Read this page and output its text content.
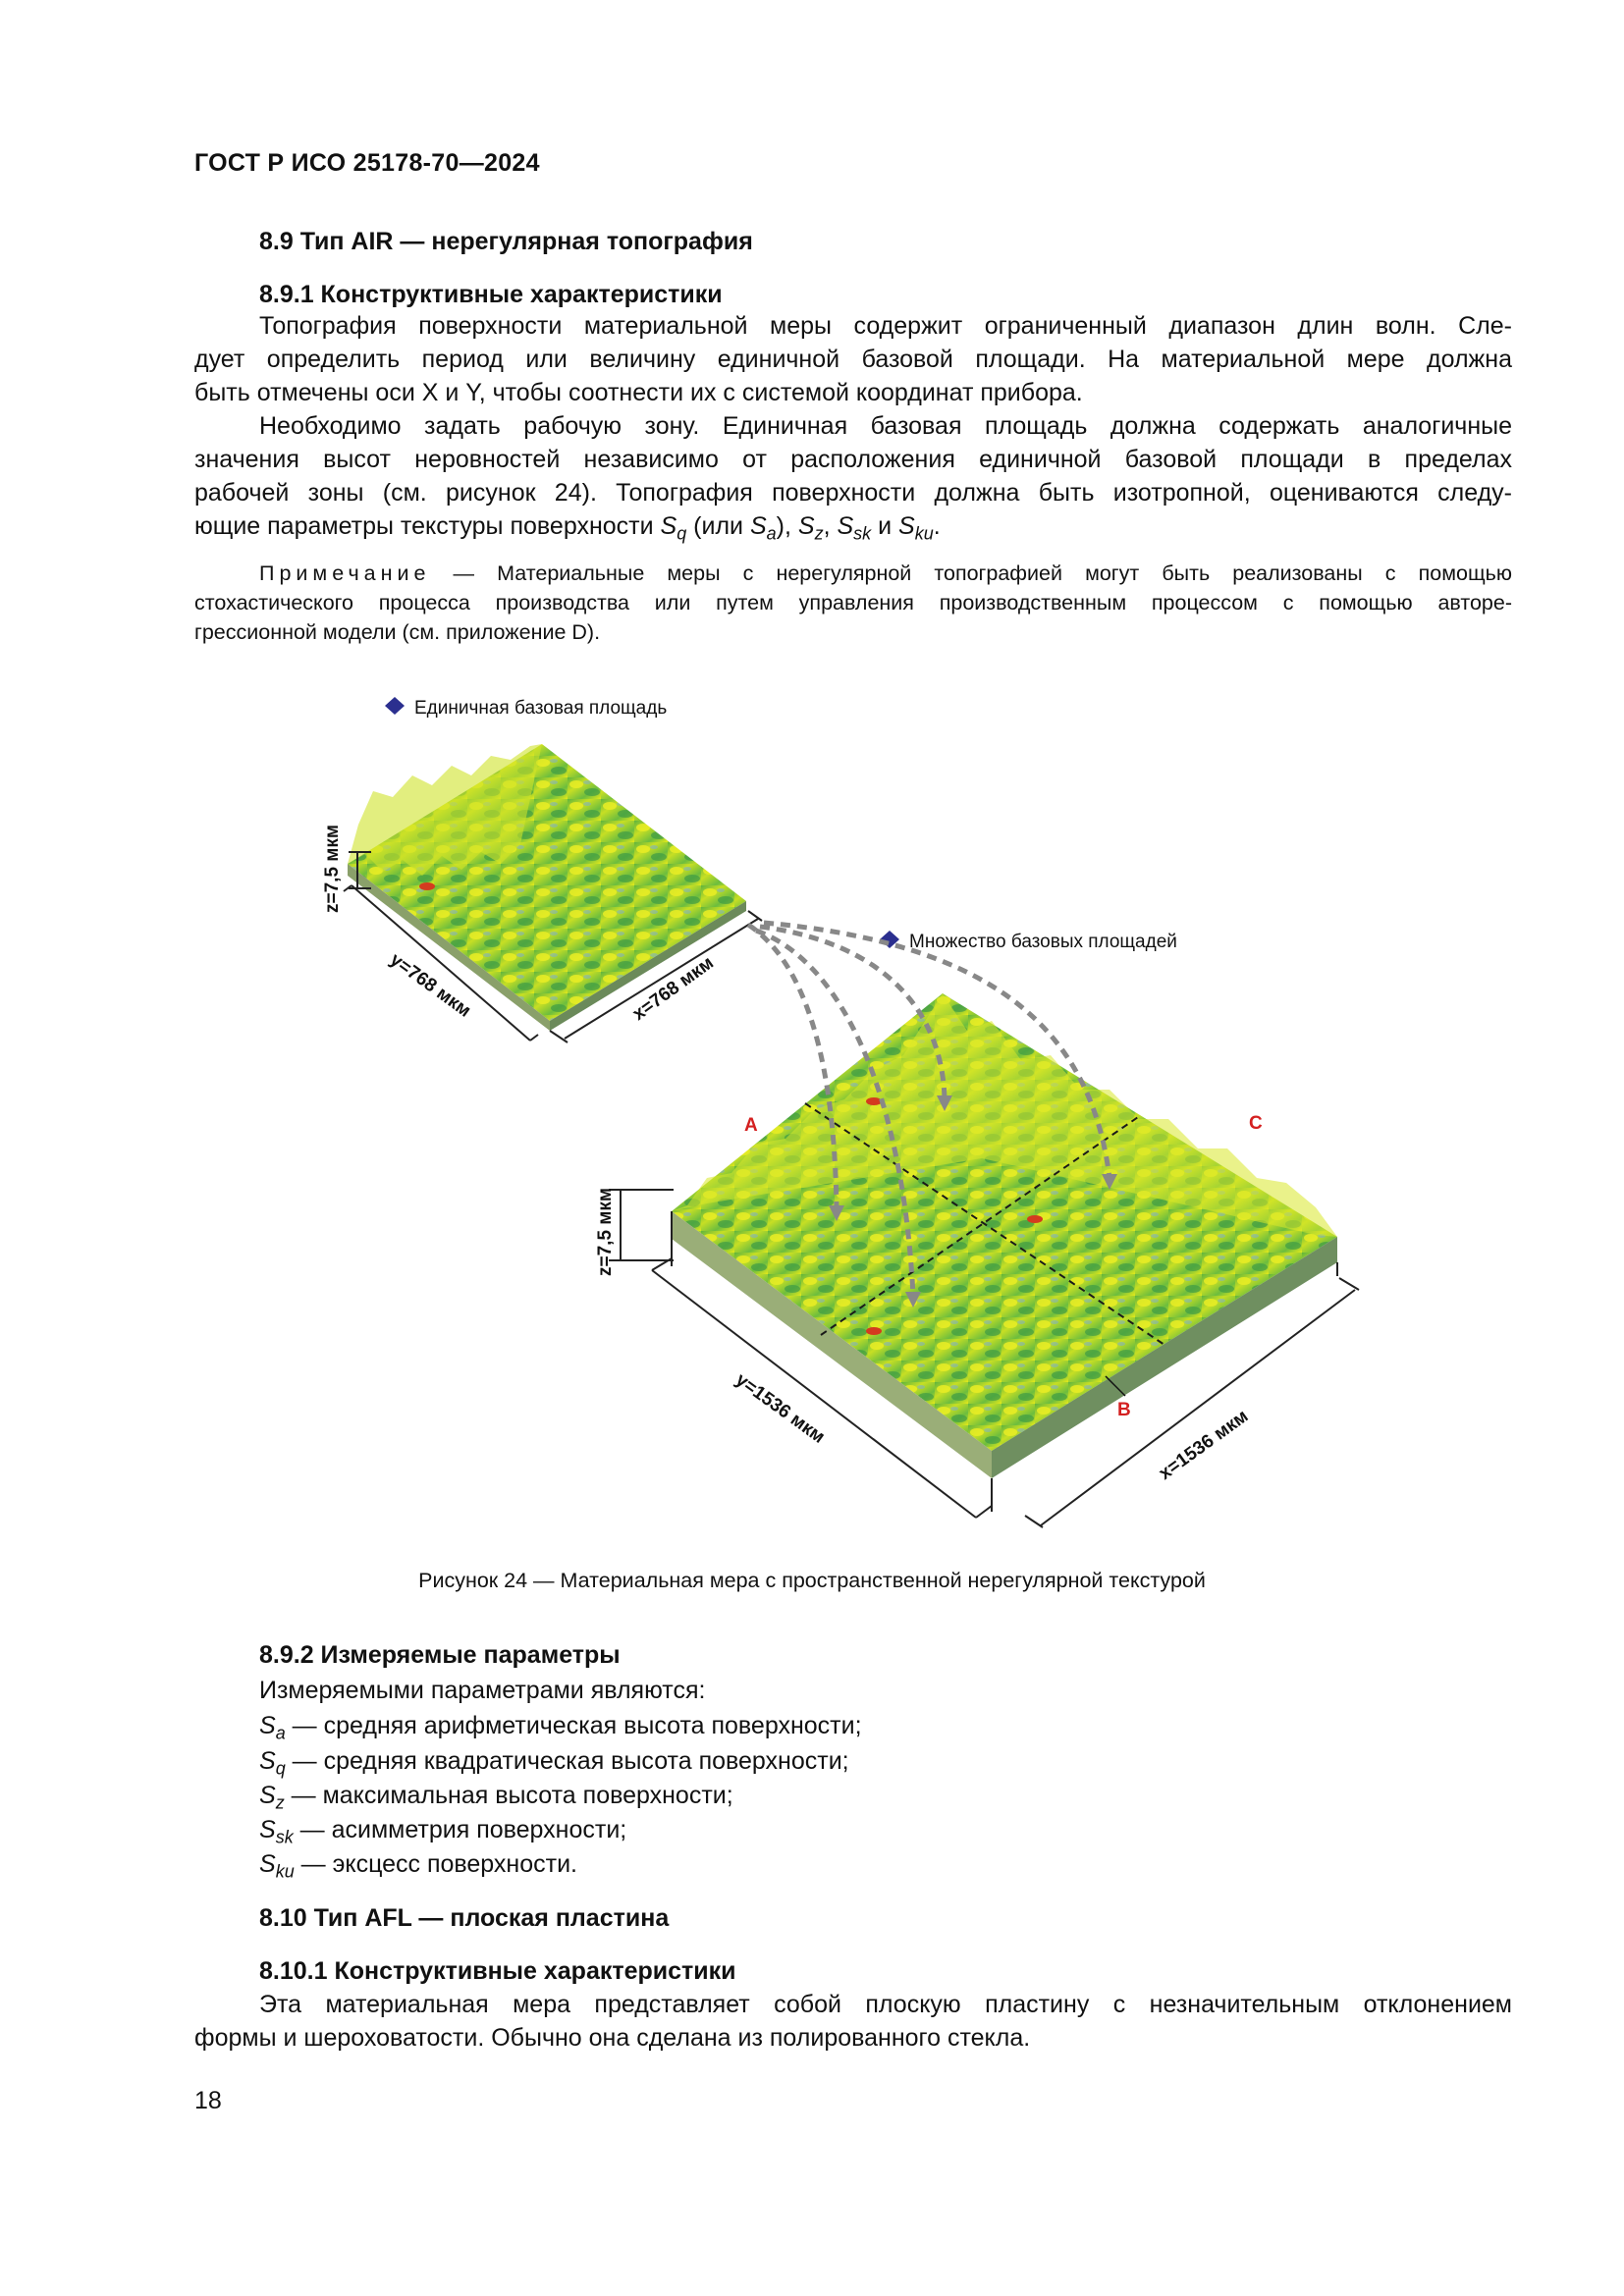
ГОСТ Р ИСО 25178-70—2024
8.9 Тип AIR — нерегулярная топография
8.9.1 Конструктивные характеристики
Топография поверхности материальной меры содержит ограниченный диапазон длин волн. Сле-
дует определить период или величину единичной базовой площади. На материальной мере должна
быть отмечены оси X и Y, чтобы соотнести их с системой координат прибора.
Необходимо задать рабочую зону. Единичная базовая площадь должна содержать аналогичные
значения высот неровностей независимо от расположения единичной базовой площади в пределах
рабочей зоны (см. рисунок 24). Топография поверхности должна быть изотропной, оцениваются следу-
ющие параметры текстуры поверхности $S_q$ (или $S_a$), $S_z$, $S_{sk}$ и $S_{ku}$.
Примечание — Материальные меры с нерегулярной топографией могут быть реализованы с помощью
стохастического процесса производства или путем управления производственным процессом с помощью авторе-
грессионной модели (см. приложение D).
Единичная базовая площадь
z=7,5 мкм
y=768 мкм	x=768 мкм
Множество базовых площадей
A	C
B
z=7,5 мкм
y=1536 мкм	x=1536 мкм
Рисунок 24 — Материальная мера с пространственной нерегулярной текстурой
8.9.2 Измеряемые параметры
Измеряемыми параметрами являются:
$S_a$ — средняя арифметическая высота поверхности;
$S_q$ — средняя квадратическая высота поверхности;
$S_z$ — максимальная высота поверхности;
$S_{sk}$ — асимметрия поверхности;
$S_{ku}$ — эксцесс поверхности.
8.10 Тип AFL — плоская пластина
8.10.1 Конструктивные характеристики
Эта материальная мера представляет собой плоскую пластину с незначительным отклонением
формы и шероховатости. Обычно она сделана из полированного стекла.
18
